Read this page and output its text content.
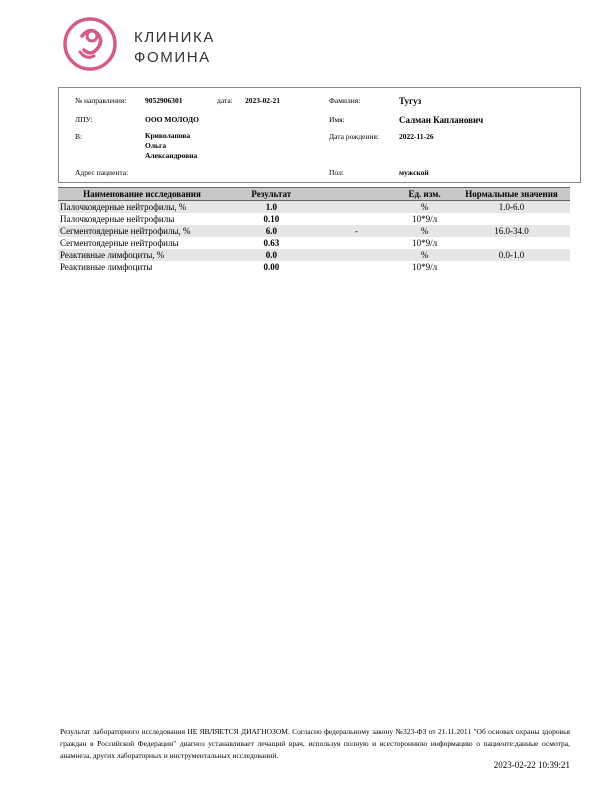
КЛИНИКА
ФОМИНА
№ направления: 9052906301	дата: 2023-02-21
ЛПУ:	ООО МОЛОДО
В:	Криволапова
Ольга
Александровна
Адрес пациента:
Фамилия:	Тугуз
Имя:	Салман Капланович
Дата рождения:	2022-11-26
Пол:	мужской
Наименование исследования	Результат		Ед. изм.	Нормальные значения
Палочкоядерные нейтрофилы, %	1.0		%	1.0-6.0
Палочкоядерные нейтрофилы	0.10		10*9/л	
Сегментоядерные нейтрофилы, %	6.0	-	%	16.0-34.0
Сегментоядерные нейтрофилы	0.63		10*9/л	
Реактивные лимфоциты, %	0.0		%	0.0-1.0
Реактивные лимфоциты	0.00		10*9/л	
Результат лабораторного исследования НЕ ЯВЛЯЕТСЯ ДИАГНОЗОМ. Согласно федеральному закону №323-ФЗ от 21.11.2011 "Об основах охраны здоровья граждан в Российской Федерации" диагноз устанавливает лечащий врач, используя полную и всестороннюю информацию о пациенте:данные осмотра, анамнеза, других лабораторных и инструментальных исследований.
2023-02-22 10:39:21
